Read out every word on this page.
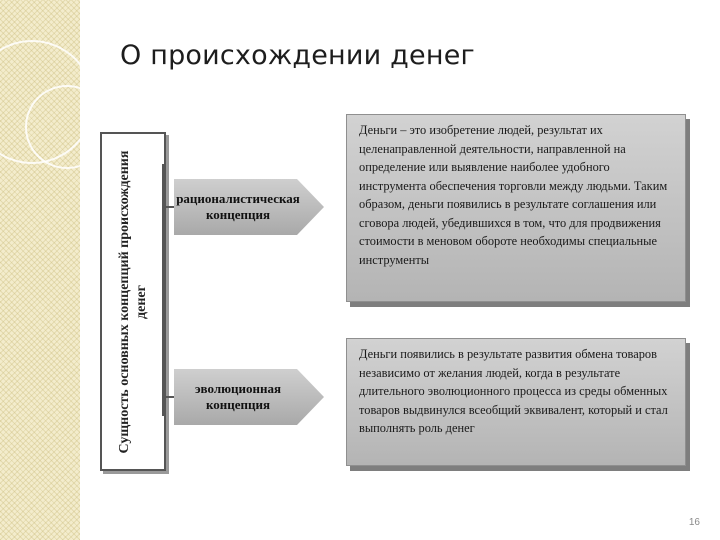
О происхождении денег
Сущность основных концепций происхождения денег
рационалистическая концепция
эволюционная концепция
Деньги – это изобретение людей, результат их целенаправленной деятельности, направленной на определение или выявление наиболее удобного инструмента обеспечения торговли между людьми. Таким образом, деньги появились в результате соглашения или сговора людей, убедившихся в том, что для продвижения стоимости в меновом обороте необходимы специальные инструменты
Деньги появились в результате развития обмена товаров независимо от желания людей, когда в результате длительного эволюционного процесса из среды обменных товаров выдвинулся всеобщий эквивалент, который и стал выполнять роль денег
16
